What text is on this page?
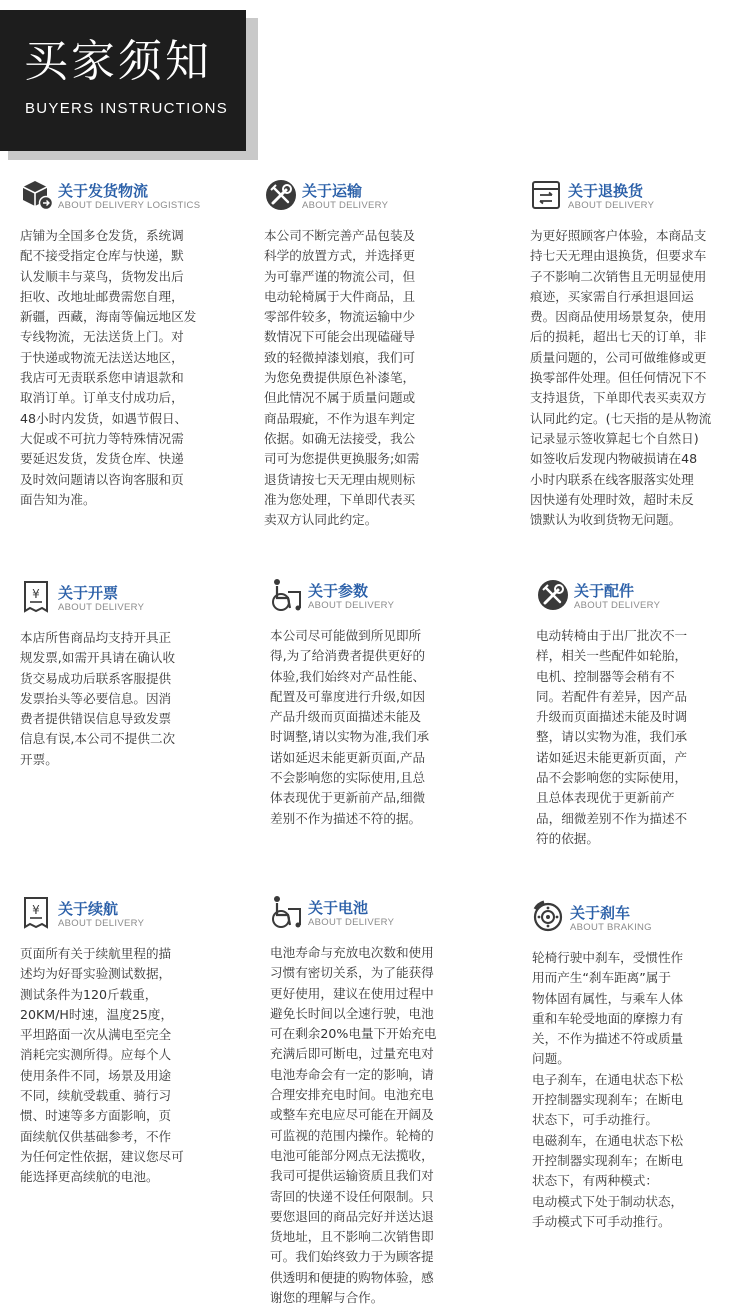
买家须知
BUYERS INSTRUCTIONS
关于发货物流
ABOUT DELIVERY LOGISTICS
店铺为全国多仓发货，系统调
配不接受指定仓库与快递，默
认发顺丰与菜鸟，货物发出后
拒收、改地址邮费需您自理，
新疆，西藏，海南等偏远地区发
专线物流，无法送货上门。对
于快递或物流无法送达地区，
我店可无责联系您申请退款和
取消订单。订单支付成功后，
48小时内发货，如遇节假日、
大促或不可抗力等特殊情况需
要延迟发货，发货仓库、快递
及时效问题请以咨询客服和页
面告知为准。
关于运输
ABOUT DELIVERY
本公司不断完善产品包装及
科学的放置方式，并选择更
为可靠严谨的物流公司，但
电动轮椅属于大件商品，且
零部件较多，物流运输中少
数情况下可能会出现磕碰导
致的轻微掉漆划痕，我们可
为您免费提供原色补漆笔，
但此情况不属于质量问题或
商品瑕疵，不作为退车判定
依据。如确无法接受，我公
司可为您提供更换服务;如需
退货请按七天无理由规则标
准为您处理，下单即代表买
卖双方认同此约定。
关于退换货
ABOUT DELIVERY
为更好照顾客户体验，本商品支
持七天无理由退换货，但要求车
子不影响二次销售且无明显使用
痕迹，买家需自行承担退回运
费。因商品使用场景复杂，使用
后的损耗，超出七天的订单，非
质量问题的，公司可做维修或更
换零部件处理。但任何情况下不
支持退货，下单即代表买卖双方
认同此约定。(七天指的是从物流
记录显示签收算起七个自然日)
如签收后发现内物破损请在48
小时内联系在线客服落实处理
因快递有处理时效，超时未反
馈默认为收到货物无问题。
¥ 关于开票
ABOUT DELIVERY
本店所售商品均支持开具正
规发票,如需开具请在确认收
货交易成功后联系客服提供
发票抬头等必要信息。因消
费者提供错误信息导致发票
信息有误,本公司不提供二次
开票。
关于参数
ABOUT DELIVERY
本公司尽可能做到所见即所
得,为了给消费者提供更好的
体验,我们始终对产品性能、
配置及可靠度进行升级,如因
产品升级而页面描述未能及
时调整,请以实物为准,我们承
诺如延迟未能更新页面,产品
不会影响您的实际使用,且总
体表现优于更新前产品,细微
差别不作为描述不符的据。
关于配件
ABOUT DELIVERY
电动转椅由于出厂批次不一
样，相关一些配件如轮胎，
电机、控制器等会稍有不
同。若配件有差异，因产品
升级而页面描述未能及时调
整，请以实物为准，我们承
诺如延迟未能更新页面，产
品不会影响您的实际使用，
且总体表现优于更新前产
品，细微差别不作为描述不
符的依据。
¥ 关于续航
ABOUT DELIVERY
页面所有关于续航里程的描
述均为好哥实验测试数据，
测试条件为120斤载重，
20KM/H时速，温度25度，
平坦路面一次从满电至完全
消耗完实测所得。应每个人
使用条件不同，场景及用途
不同，续航受载重、骑行习
惯、时速等多方面影响，页
面续航仅供基础参考，不作
为任何定性依据，建议您尽可
能选择更高续航的电池。
关于电池
ABOUT DELIVERY
电池寿命与充放电次数和使用
习惯有密切关系，为了能获得
更好使用，建议在使用过程中
避免长时间以全速行驶，电池
可在剩余20%电量下开始充电
充满后即可断电，过量充电对
电池寿命会有一定的影响，请
合理安排充电时间。电池充电
或整车充电应尽可能在开阔及
可监视的范围内操作。轮椅的
电池可能部分网点无法揽收，
我司可提供运输资质且我们对
寄回的快递不设任何限制。只
要您退回的商品完好并送达退
货地址，且不影响二次销售即
可。我们始终致力于为顾客提
供透明和便捷的购物体验，感
谢您的理解与合作。
关于刹车
ABOUT BRAKING
轮椅行驶中刹车，受惯性作
用而产生“刹车距离”属于
物体固有属性，与乘车人体
重和车轮受地面的摩擦力有
关，不作为描述不符或质量
问题。
电子刹车，在通电状态下松
开控制器实现刹车；在断电
状态下，可手动推行。
电磁刹车，在通电状态下松
开控制器实现刹车；在断电
状态下，有两种模式：
电动模式下处于制动状态，
手动模式下可手动推行。
